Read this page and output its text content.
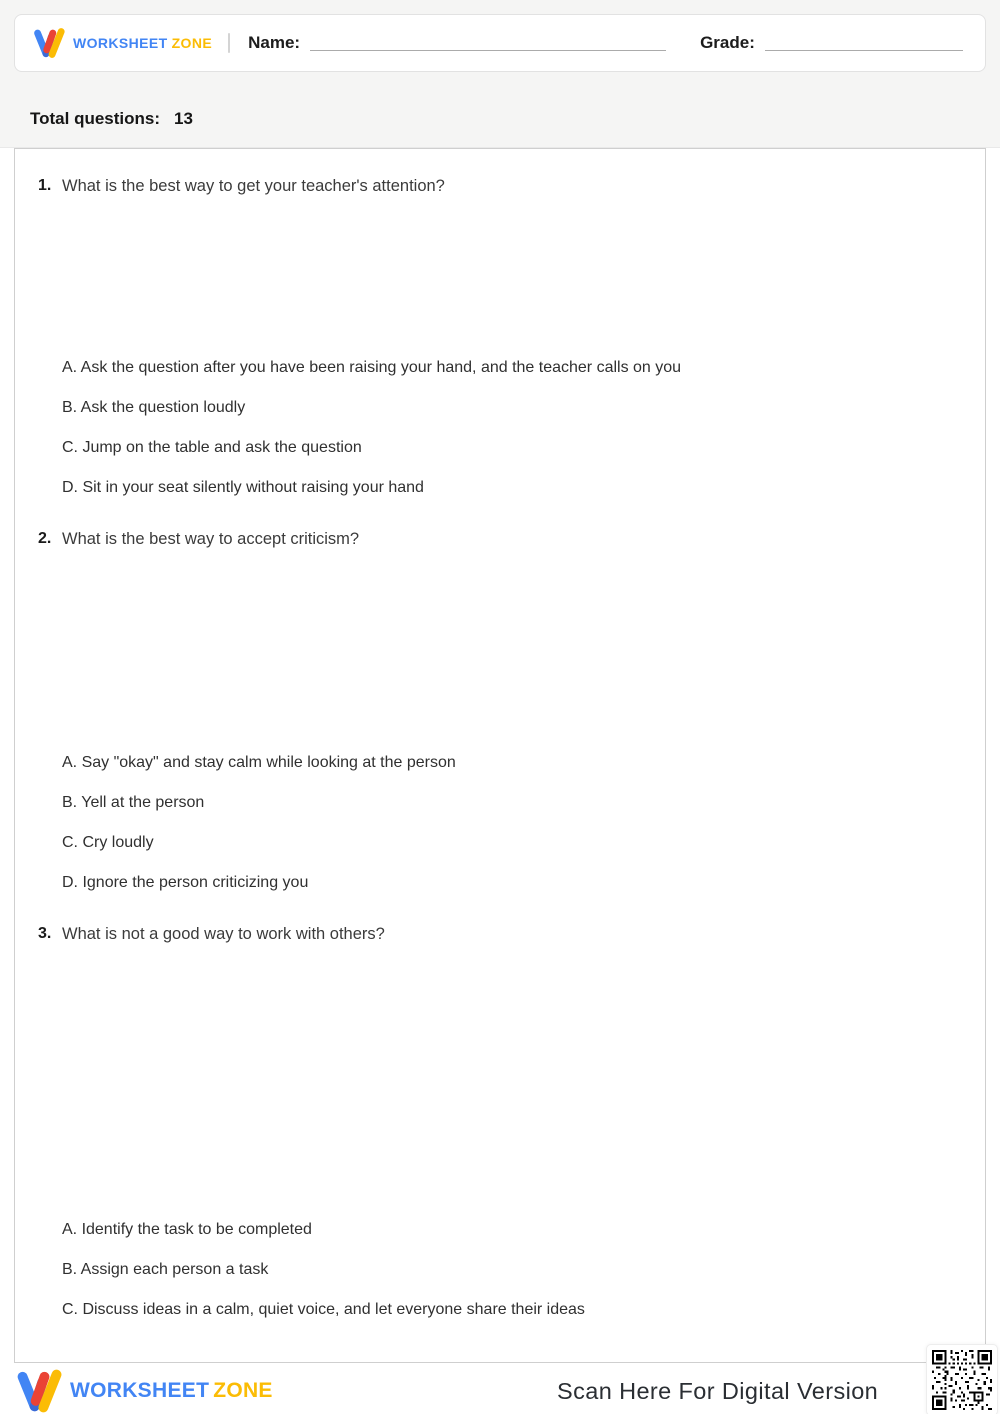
WORKSHEET ZONE Name:	Grade:
Total questions: 13
1. What is the best way to get your teacher's attention?
A. Ask the question after you have been raising your hand, and the teacher calls on you
B. Ask the question loudly
C. Jump on the table and ask the question
D. Sit in your seat silently without raising your hand
2. What is the best way to accept criticism?
A. Say "okay" and stay calm while looking at the person
B. Yell at the person
C. Cry loudly
D. Ignore the person criticizing you
3. What is not a good way to work with others?
A. Identify the task to be completed
B. Assign each person a task
C. Discuss ideas in a calm, quiet voice, and let everyone share their ideas
WORKSHEET ZONE	Scan Here For Digital Version
